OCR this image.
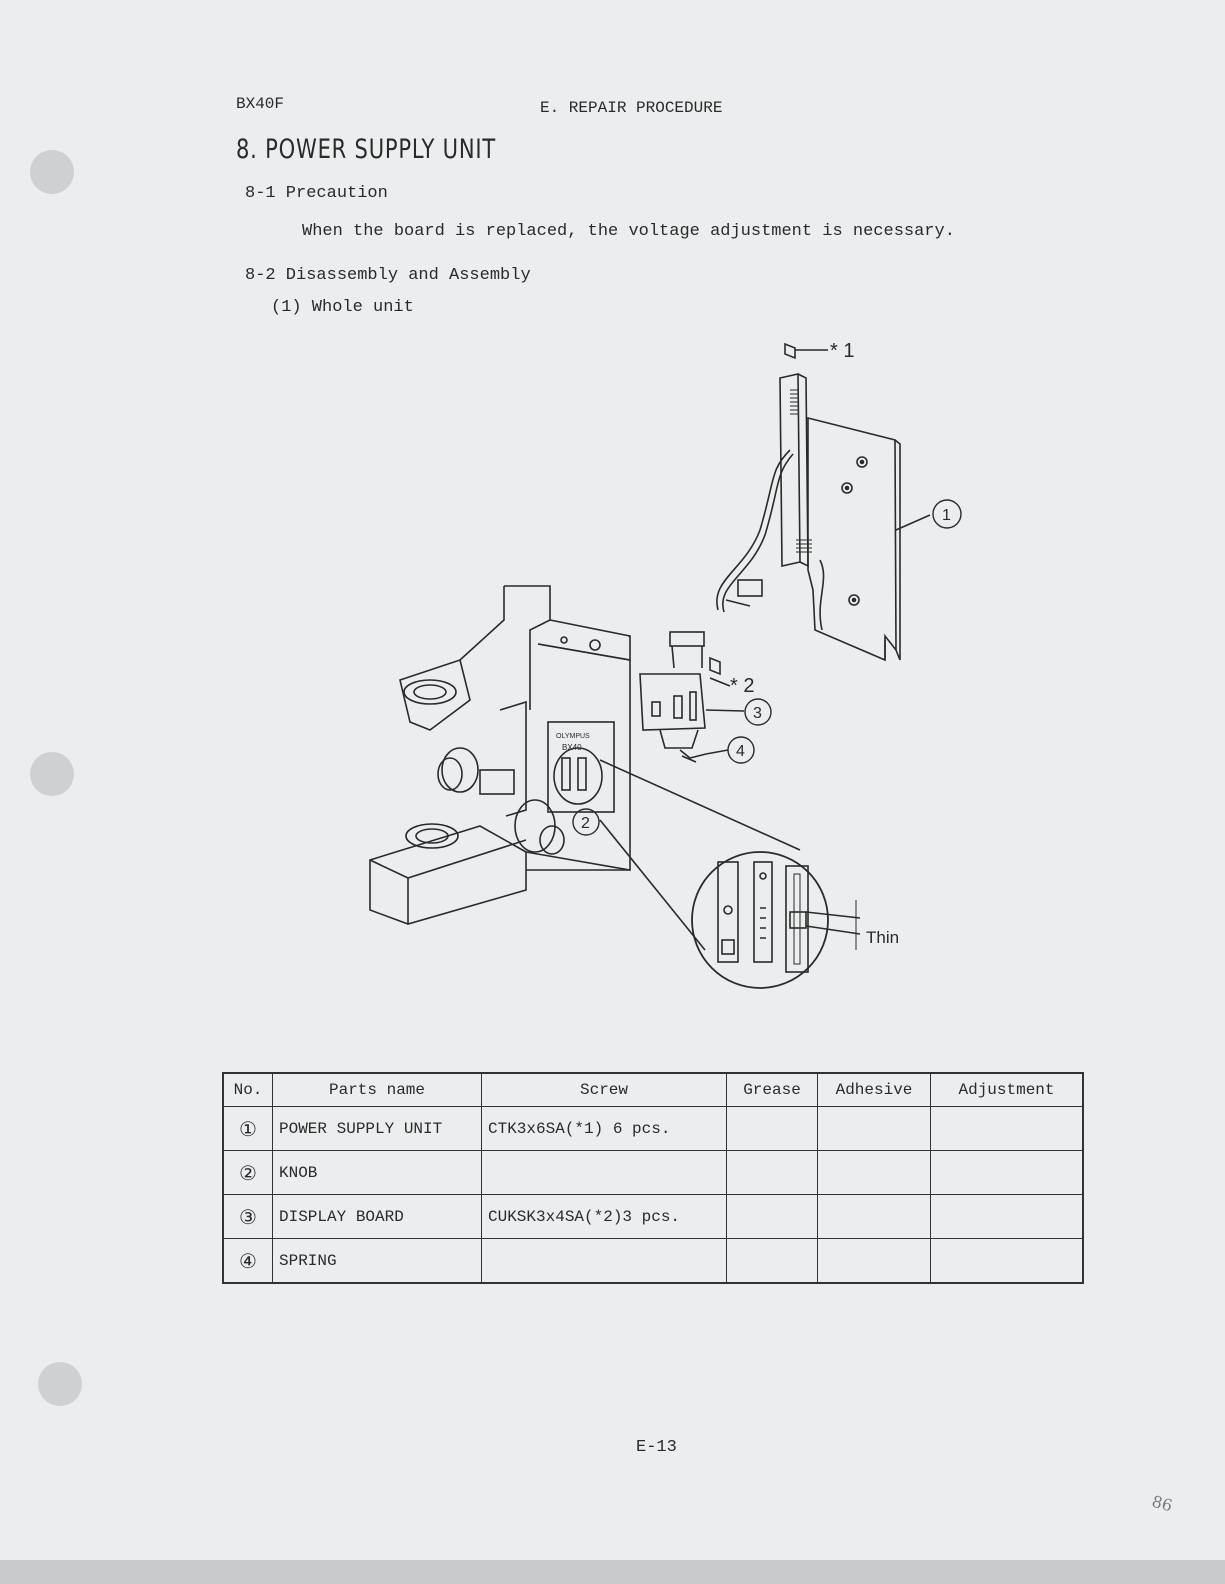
BX40F	E. REPAIR PROCEDURE
8. POWER SUPPLY UNIT
8-1 Precaution
When the board is replaced, the voltage adjustment is necessary.
8-2 Disassembly and Assembly
(1) Whole unit
1
* 1
* 2
3
4
OLYMPUS
BX40
2
Thin
No.	Parts name	Screw	Grease	Adhesive	Adjustment
①	POWER SUPPLY UNIT	CTK3x6SA(*1) 6 pcs.			
②	KNOB				
③	DISPLAY BOARD	CUKSK3x4SA(*2)3 pcs.			
④	SPRING				
E-13
86
